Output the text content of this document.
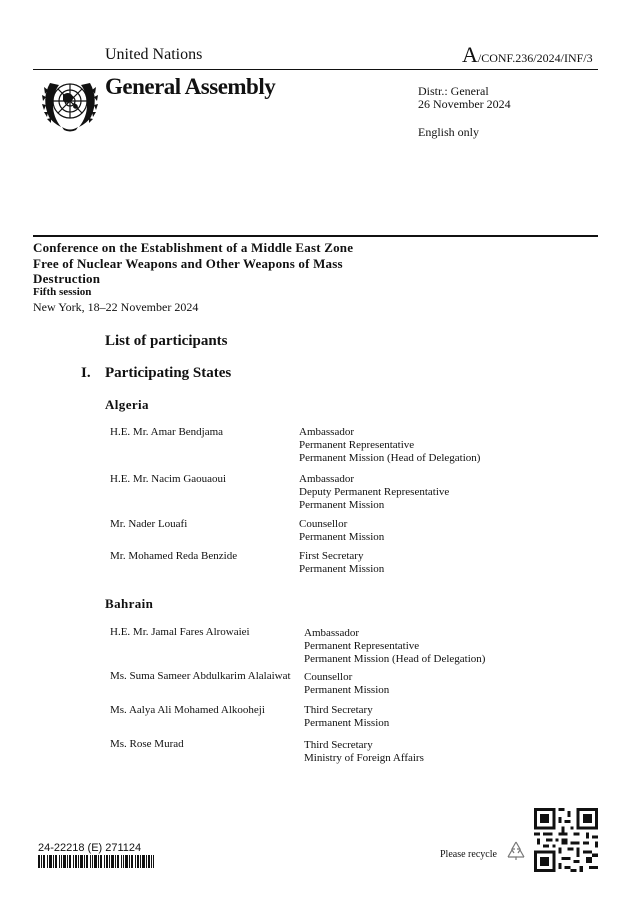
United Nations	A/CONF.236/2024/INF/3
General Assembly	Distr.: General
26 November 2024
English only
Conference on the Establishment of a Middle East Zone Free of Nuclear Weapons and Other Weapons of Mass Destruction
Fifth session
New York, 18–22 November 2024
List of participants
I. Participating States
Algeria
H.E. Mr. Amar Bendjama	Ambassador
Permanent Representative
Permanent Mission (Head of Delegation)
H.E. Mr. Nacim Gaouaoui	Ambassador
Deputy Permanent Representative
Permanent Mission
Mr. Nader Louafi	Counsellor
Permanent Mission
Mr. Mohamed Reda Benzide	First Secretary
Permanent Mission
Bahrain
H.E. Mr. Jamal Fares Alrowaiei	Ambassador
Permanent Representative
Permanent Mission (Head of Delegation)
Ms. Suma Sameer Abdulkarim Alalaiwat Counsellor
Permanent Mission
Ms. Aalya Ali Mohamed Alkooheji	Third Secretary
Permanent Mission
Ms. Rose Murad	Third Secretary
Ministry of Foreign Affairs
24-22218 (E) 271124
Please recycle
